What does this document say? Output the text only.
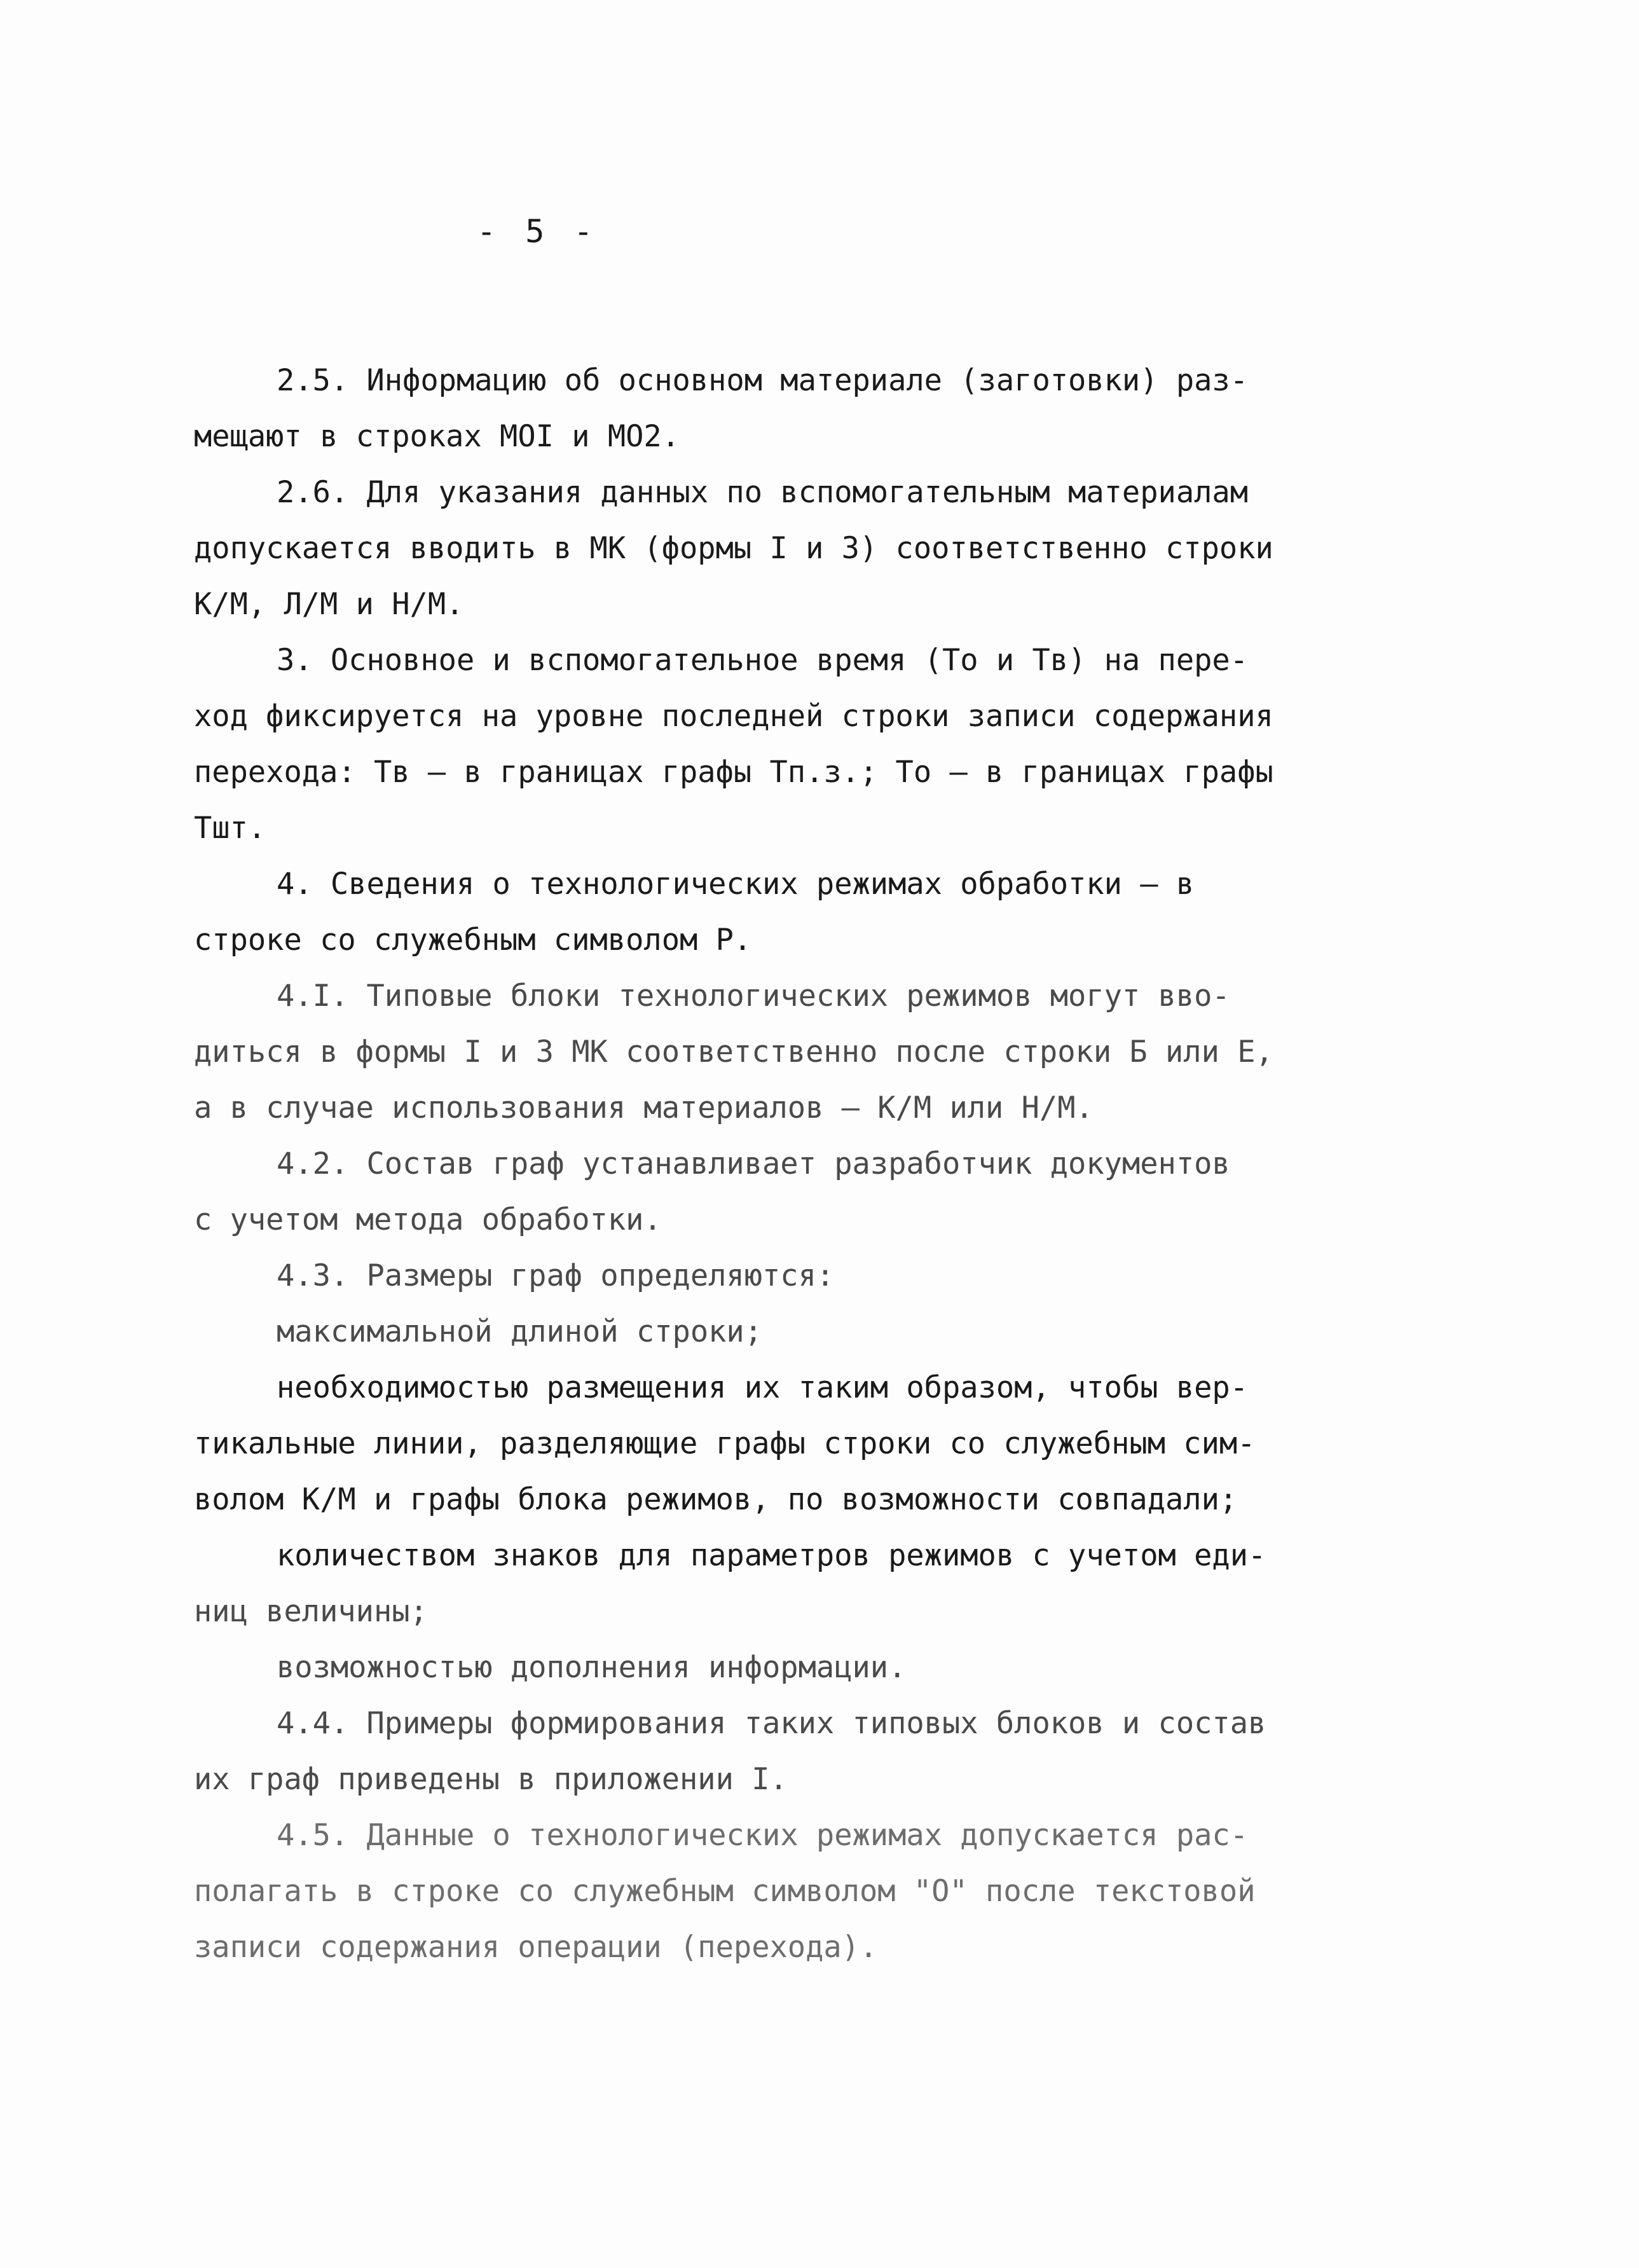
- 5 -
2.5. Информацию об основном материале (заготовки) раз-
мещают в строках МОI и МО2.
2.6. Для указания данных по вспомогательным материалам
допускается вводить в МК (формы I и 3) соответственно строки
К/М, Л/М и Н/М.
3. Основное и вспомогательное время (То и Тв) на пере-
ход фиксируется на уровне последней строки записи содержания
перехода: Тв – в границах графы Тп.з.; То – в границах графы
Тшт.
4. Сведения о технологических режимах обработки – в
строке со служебным символом Р.
4.I. Типовые блоки технологических режимов могут вво-
диться в формы I и 3 МК соответственно после строки Б или Е,
а в случае использования материалов – К/М или Н/М.
4.2. Состав граф устанавливает разработчик документов
с учетом метода обработки.
4.3. Размеры граф определяются:
максимальной длиной строки;
необходимостью размещения их таким образом, чтобы вер-
тикальные линии, разделяющие графы строки со служебным сим-
волом К/М и графы блока режимов, по возможности совпадали;
количеством знаков для параметров режимов с учетом еди-
ниц величины;
возможностью дополнения информации.
4.4. Примеры формирования таких типовых блоков и состав
их граф приведены в приложении I.
4.5. Данные о технологических режимах допускается рас-
полагать в строке со служебным символом "О" после текстовой
записи содержания операции (перехода).
